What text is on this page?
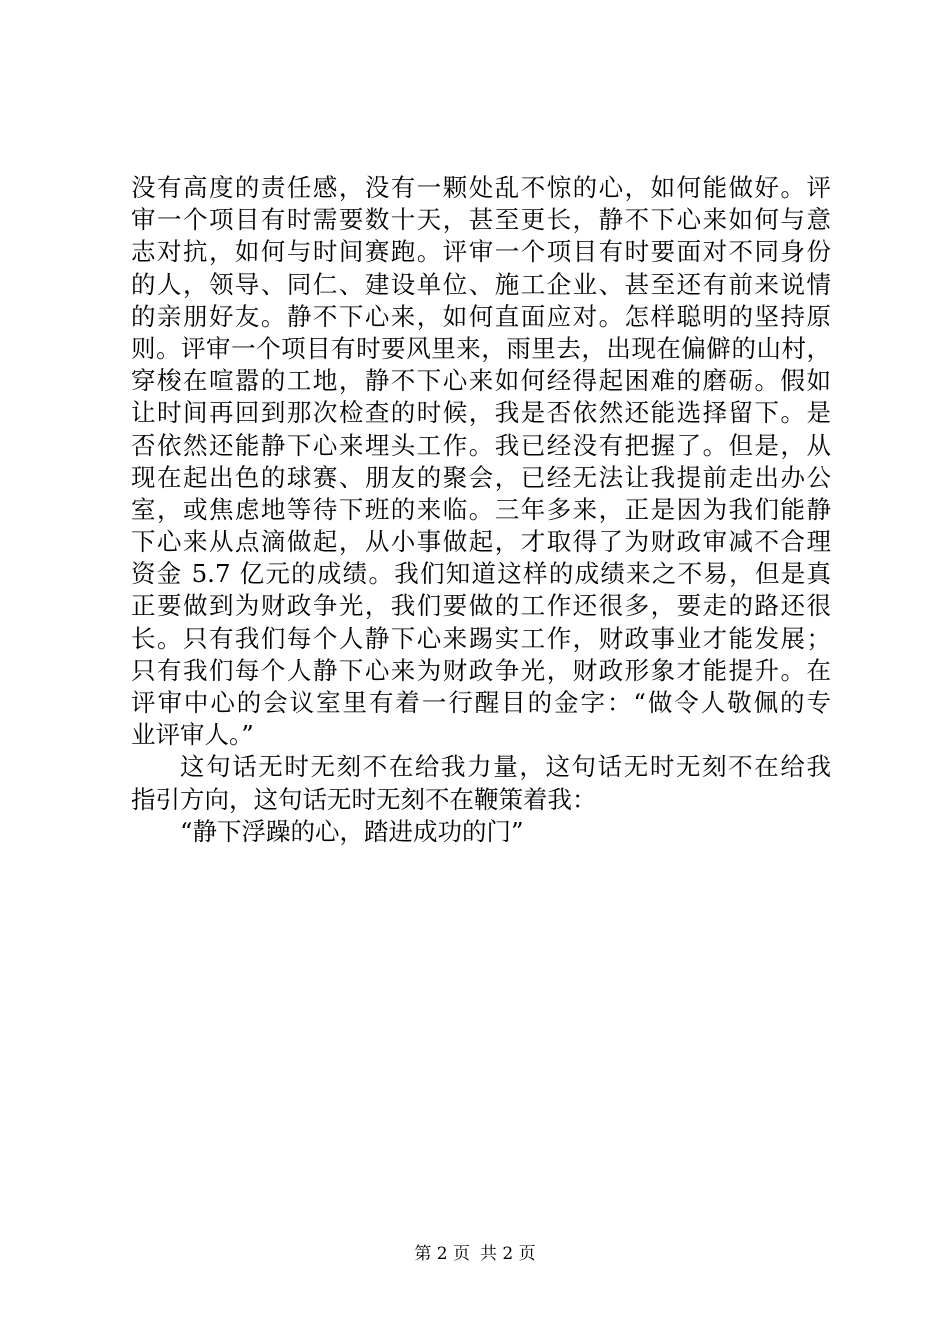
没有高度的责任感，没有一颗处乱不惊的心，如何能做好。评
审一个项目有时需要数十天，甚至更长，静不下心来如何与意
志对抗，如何与时间赛跑。评审一个项目有时要面对不同身份
的人，领导、同仁、建设单位、施工企业、甚至还有前来说情
的亲朋好友。静不下心来，如何直面应对。怎样聪明的坚持原
则。评审一个项目有时要风里来，雨里去，出现在偏僻的山村，
穿梭在喧嚣的工地，静不下心来如何经得起困难的磨砺。假如
让时间再回到那次检查的时候，我是否依然还能选择留下。是
否依然还能静下心来埋头工作。我已经没有把握了。但是，从
现在起出色的球赛、朋友的聚会，已经无法让我提前走出办公
室，或焦虑地等待下班的来临。三年多来，正是因为我们能静
下心来从点滴做起，从小事做起，才取得了为财政审减不合理
资金 5.7 亿元的成绩。我们知道这样的成绩来之不易，但是真
正要做到为财政争光，我们要做的工作还很多，要走的路还很
长。只有我们每个人静下心来踢实工作，财政事业才能发展；
只有我们每个人静下心来为财政争光，财政形象才能提升。在
评审中心的会议室里有着一行醒目的金字：“做令人敬佩的专
业评审人。”
这句话无时无刻不在给我力量，这句话无时无刻不在给我
指引方向，这句话无时无刻不在鞭策着我：
“静下浮躁的心，踏进成功的门”
第 2 页 共 2 页
